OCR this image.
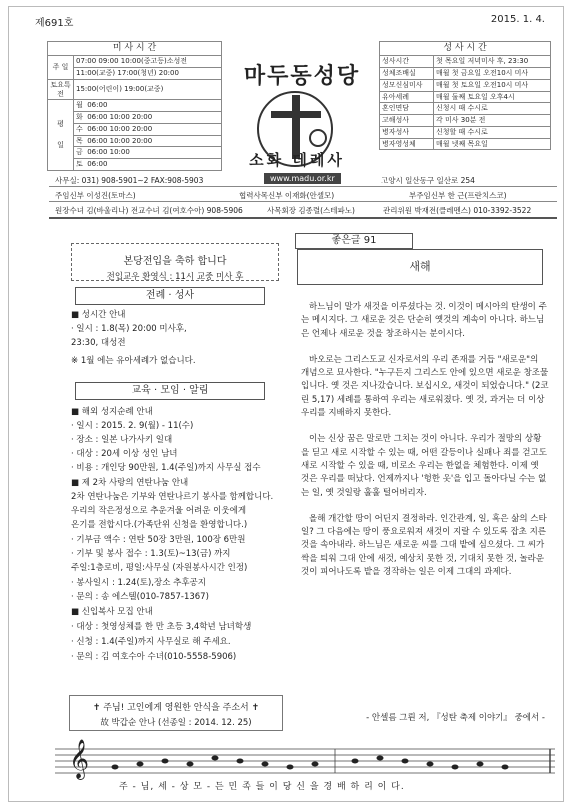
제691호	2015. 1. 4.
미 사 시 간	
주 일	07:00 09:00 10:00(중고등)소성전
	11:00(교중) 17:00(청년) 20:00
토요특전	15:00(어린이) 19:00(교중)
평
일	월 06:00
	화 06:00 10:00 20:00
	수 06:00 10:00 20:00
	목 06:00 10:00 20:00
	금 06:00 10:00
	토 06:00
마두동성당
소화 데레사
www.madu.or.kr
성 사 시 간	
성사시간	첫 목요일 저녁미사 후, 23:30
성체조배실	매월 첫 금요일 오전10시 미사
성모신심미사	매월 첫 토요일 오전10시 미사
유아세례	매월 둘째 토요일 오후4시
혼인면담	신청시 때 수시로
고해성사	각 미사 30분 전
병자성사	신청할 때 수시로
병자영성체	매월 넷째 목요일
사무실: 031) 908-5901~2 FAX:908-5903	고양시 일산동구 일산로 254
주임신부 이성진(토마스)	협력사목신부 이재화(안셀모)	부주임신부 한 근(프란치스코)
원장수녀 김(바울리나) 전교수녀 김(여호수아) 908-5906	사목회장 김종렬(스테파노)	관리위원 박재전(클레멘스) 010-3392-3522
본당전입을 축하 합니다
전입교우 환영식 : 11시 교중 미사 후
전례 · 성사
■ 성시간 안내
· 일시 : 1.8(목) 20:00 미사후,
23:30, 대성전
※ 1월 에는 유아세례가 없습니다.
교육 · 모임 · 알림
■ 해외 성지순례 안내
· 일시 : 2015. 2. 9(월) - 11(수)
· 장소 : 일본 나가사키 일대
· 대상 : 20세 이상 성인 남녀
· 비용 : 개인당 90만원, 1.4(주일)까지 사무실 접수
■ 제 2차 사랑의 연탄나눔 안내
2차 연탄나눔은 기부와 연탄나르기 봉사를 함께합니다.
우리의 작은정성으로 추운겨울 어려운 이웃에게
온기를 전합시다.(가족단위 신청을 환영합니다.)
· 기부금 액수 : 연탄 50장 3만원, 100장 6만원
· 기부 및 봉사 접수 : 1.3(토)~13(금) 까지
주일:1층로비, 평일:사무실 (자원봉사시간 인정)
· 봉사일시 : 1.24(토),장소 추후공지
· 문의 : 송 에스텔(010-7857-1367)
■ 신입복사 모집 안내
· 대상 : 첫영성체를 한 만 초등 3,4학년 남녀학생
· 신청 : 1.4(주일)까지 사무실로 해 주세요.
· 문의 : 김 여호수아 수녀(010-5558-5906)
✝ 주님! 고인에게 영원한 안식을 주소서 ✝
故 박갑순 안나 (선종일 : 2014. 12. 25)
좋은글 91
새해

하느님이 말가 새것을 이루셨다는 것. 이것이 메시아의 탄생이 주는 메시지다. 그 새로운 것은 단순히 옛것의 계속이 아니다. 하느님은 언제나 새로운 것을 창조하시는 분이시다.

바오로는 그리스도교 신자로서의 우리 존재를 거듭 "새로운"의 개념으로 묘사한다. "누구든지 그리스도 안에 있으면 새로운 창조물입니다. 옛 것은 지나갔습니다. 보십시오, 새것이 되었습니다." (2코린 5,17) 세례를 통하여 우리는 새로워졌다. 옛 것, 과거는 더 이상 우리를 지배하지 못한다.

이는 신상 꿈은 말로만 그치는 것이 아니다. 우리가 절망의 상황을 딛고 새로 시작할 수 있는 때, 어떤 갈등이나 실패나 죄를 걷고도 새로 시작할 수 있을 때, 비로소 우리는 한없을 체험한다. 이제 옛 것은 우리를 떠났다. 언제까지나 '헝한 옷'을 입고 돌아다닐 수는 없는 일, 옛 것일랑 훌훌 털어버리자.

올해 개간할 땅이 어딘지 결정하라. 인간관계, 일, 혹은 삶의 스타일? 그 다음에는 땅이 풍요로워져 새것이 지랄 수 있도록 잡초 지른 것을 속아내라. 하느님은 새로운 씨를 그대 밭에 심으셨다. 그 씨가 싹을 틔워 그대 안에 새것, 예상치 못한 것, 기대치 못한 것, 놀라운 것이 피어나도록 밭을 경작하는 일은 이제 그대의 과제다.

- 안셀름 그륀 저, 『성탄 축제 이야기』 중에서 -
𝄞
주 - 님, 세 - 상 모 - 든 민 족 들 이 당 신 을 경 배 하 리 이 다.
